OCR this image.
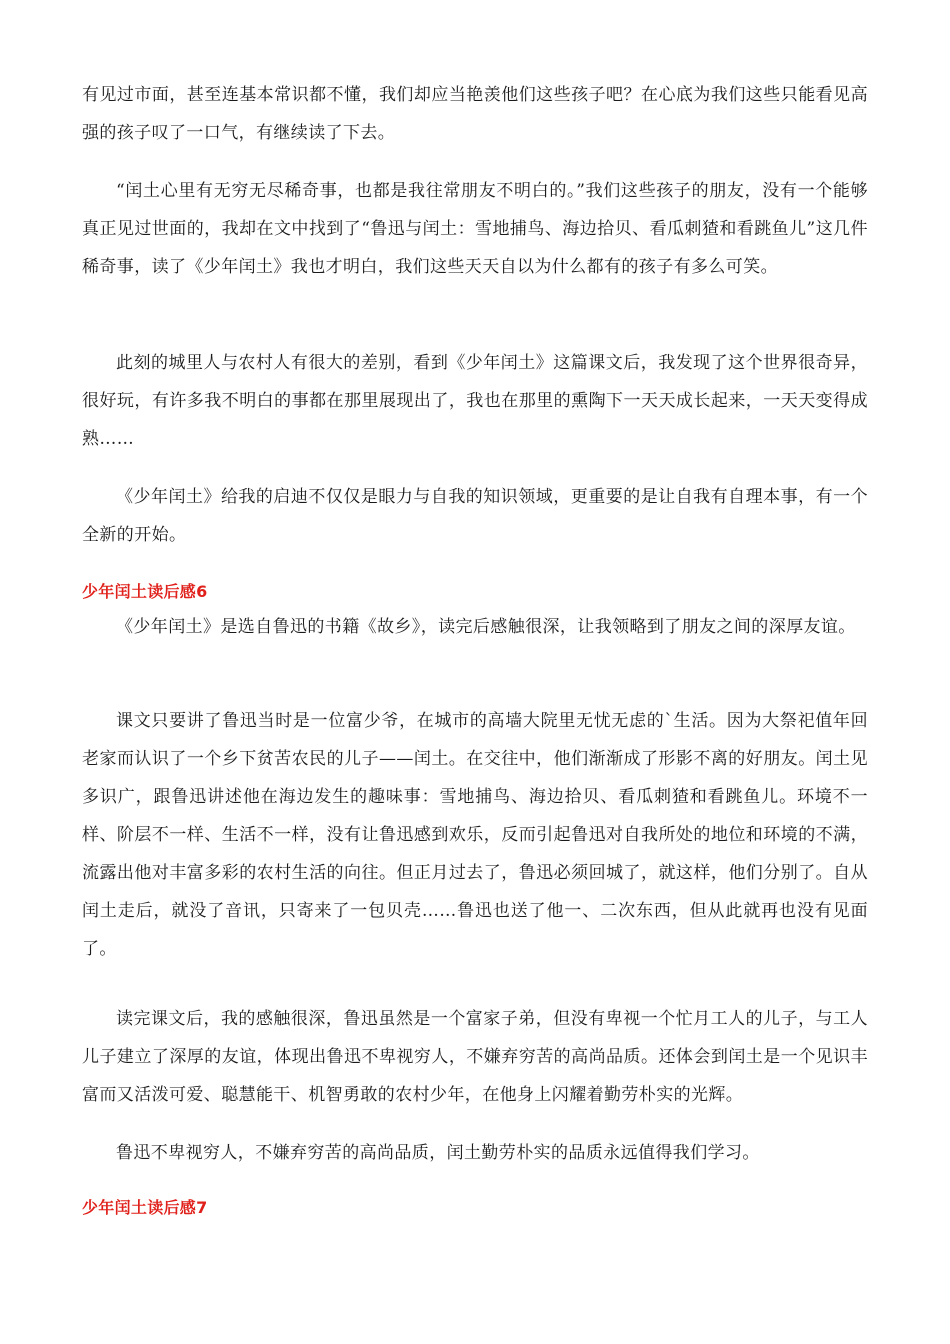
有见过市面，甚至连基本常识都不懂，我们却应当艳羡他们这些孩子吧？在心底为我们这些只能看见高强的孩子叹了一口气，有继续读了下去。

“闰土心里有无穷无尽稀奇事，也都是我往常朋友不明白的。”我们这些孩子的朋友，没有一个能够真正见过世面的，我却在文中找到了“鲁迅与闰土：雪地捕鸟、海边拾贝、看瓜刺猹和看跳鱼儿”这几件稀奇事，读了《少年闰土》我也才明白，我们这些天天自以为什么都有的孩子有多么可笑。

此刻的城里人与农村人有很大的差别，看到《少年闰土》这篇课文后，我发现了这个世界很奇异，很好玩，有许多我不明白的事都在那里展现出了，我也在那里的熏陶下一天天成长起来，一天天变得成熟……

《少年闰土》给我的启迪不仅仅是眼力与自我的知识领域，更重要的是让自我有自理本事，有一个全新的开始。

少年闰土读后感6

《少年闰土》是选自鲁迅的书籍《故乡》，读完后感触很深，让我领略到了朋友之间的深厚友谊。

课文只要讲了鲁迅当时是一位富少爷，在城市的高墙大院里无忧无虑的`生活。因为大祭祀值年回老家而认识了一个乡下贫苦农民的儿子——闰土。在交往中，他们渐渐成了形影不离的好朋友。闰土见多识广，跟鲁迅讲述他在海边发生的趣味事：雪地捕鸟、海边拾贝、看瓜刺猹和看跳鱼儿。环境不一样、阶层不一样、生活不一样，没有让鲁迅感到欢乐，反而引起鲁迅对自我所处的地位和环境的不满，流露出他对丰富多彩的农村生活的向往。但正月过去了，鲁迅必须回城了，就这样，他们分别了。自从闰土走后，就没了音讯，只寄来了一包贝壳……鲁迅也送了他一、二次东西，但从此就再也没有见面了。

读完课文后，我的感触很深，鲁迅虽然是一个富家子弟，但没有卑视一个忙月工人的儿子，与工人儿子建立了深厚的友谊，体现出鲁迅不卑视穷人，不嫌弃穷苦的高尚品质。还体会到闰土是一个见识丰富而又活泼可爱、聪慧能干、机智勇敢的农村少年，在他身上闪耀着勤劳朴实的光辉。

鲁迅不卑视穷人，不嫌弃穷苦的高尚品质，闰土勤劳朴实的品质永远值得我们学习。

少年闰土读后感7
